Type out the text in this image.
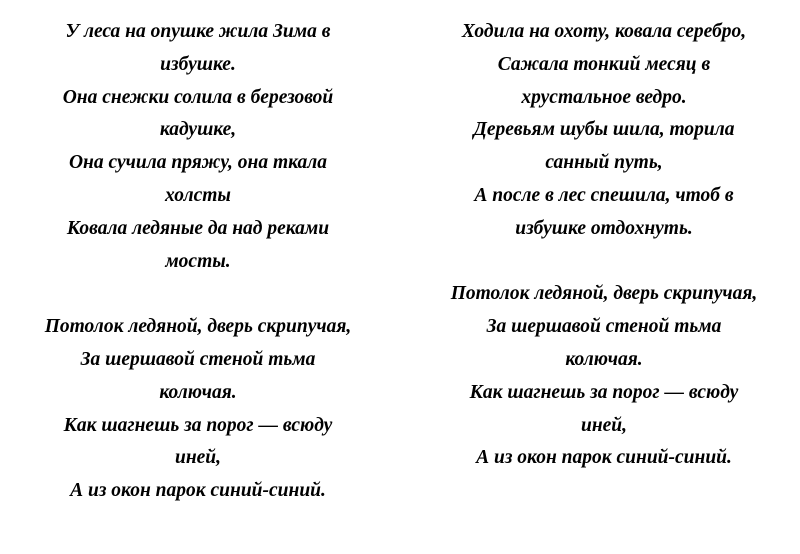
У леса на опушке жила Зима в
избушке.
Она снежки солила в березовой
кадушке,
Она сучила пряжу, она ткала
холсты
Ковала ледяные да над реками
мосты.
Потолок ледяной, дверь скрипучая,
За шершавой стеной тьма
колючая.
Как шагнешь за порог — всюду
иней,
А из окон парок синий-синий.
Ходила на охоту, ковала серебро,
Сажала тонкий месяц в
хрустальное ведро.
Деревьям шубы шила, торила
санный путь,
А после в лес спешила, чтоб в
избушке отдохнуть.
Потолок ледяной, дверь скрипучая,
За шершавой стеной тьма
колючая.
Как шагнешь за порог — всюду
иней,
А из окон парок синий-синий.
